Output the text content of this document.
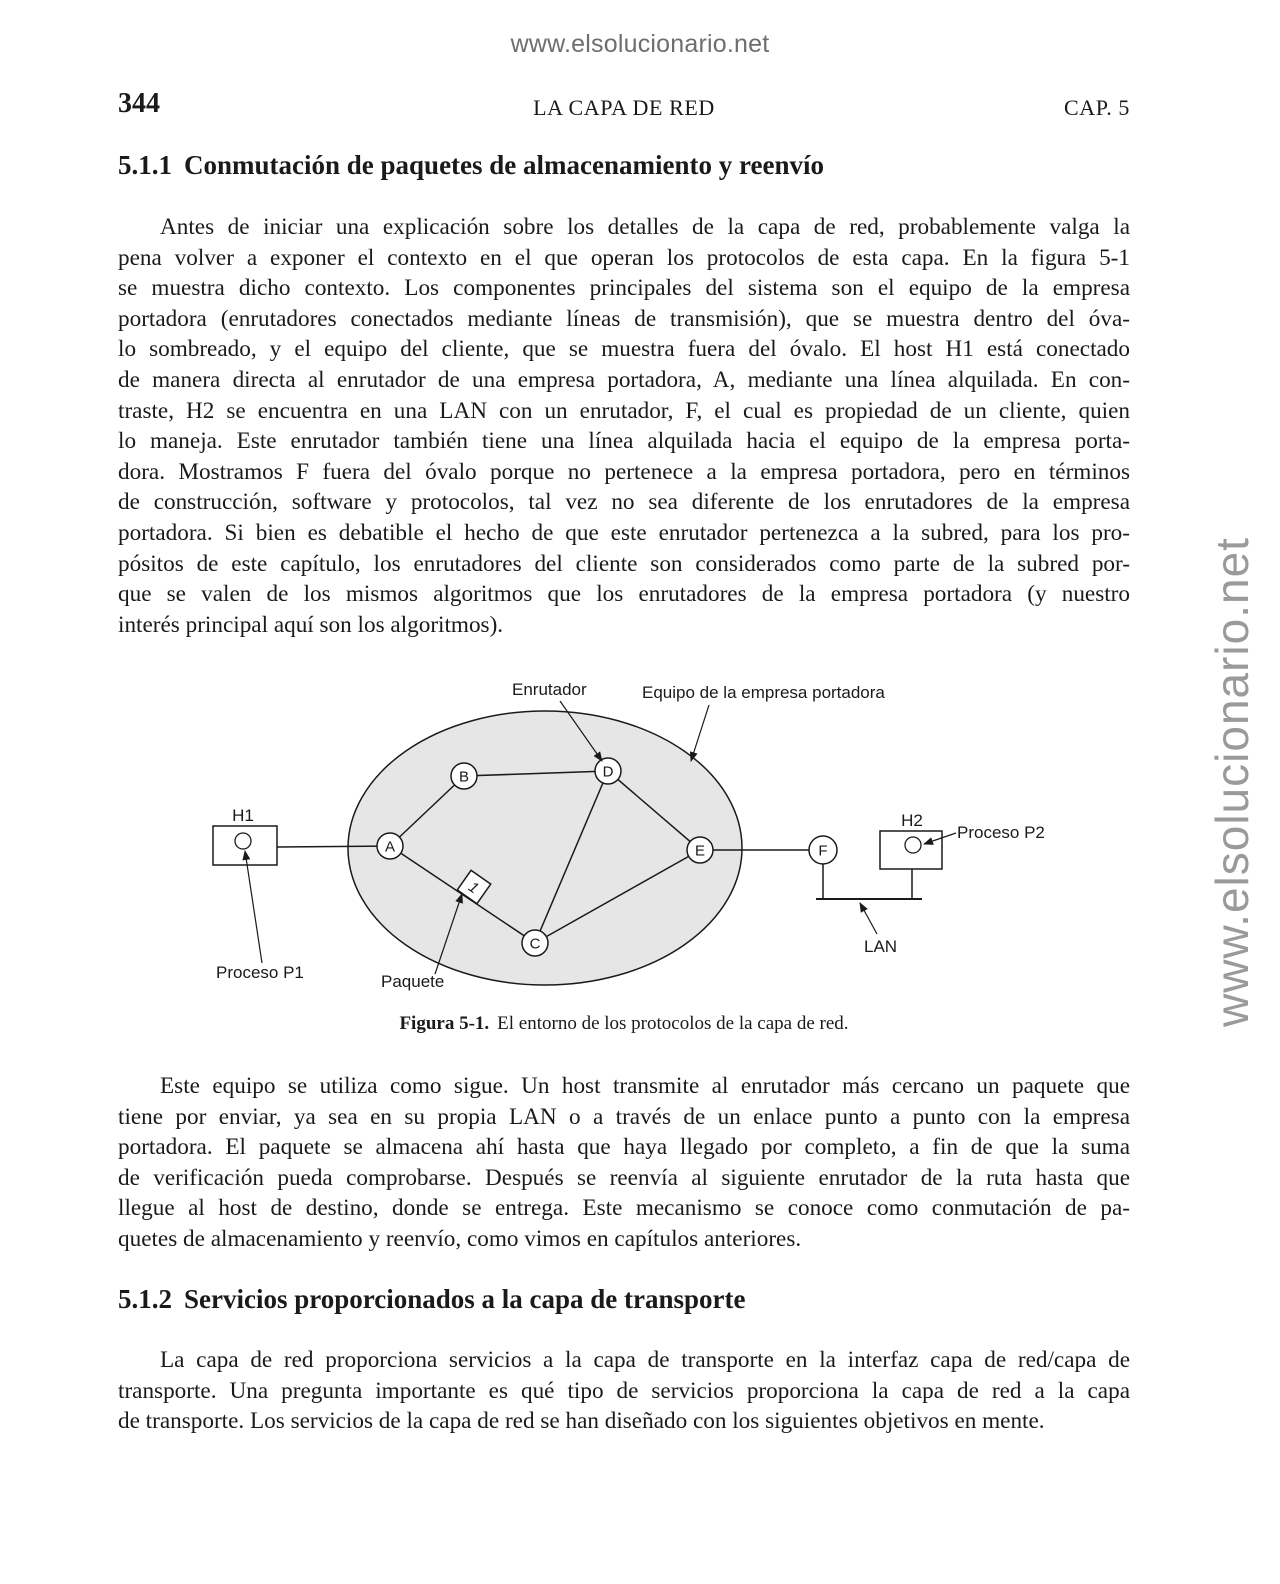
www.elsolucionario.net
www.elsolucionario.net
344	LA CAPA DE RED	CAP. 5
5.1.1 Conmutación de paquetes de almacenamiento y reenvío
Antes de iniciar una explicación sobre los detalles de la capa de red, probablemente valga la
pena volver a exponer el contexto en el que operan los protocolos de esta capa. En la figura 5-1
se muestra dicho contexto. Los componentes principales del sistema son el equipo de la empresa
portadora (enrutadores conectados mediante líneas de transmisión), que se muestra dentro del óva-
lo sombreado, y el equipo del cliente, que se muestra fuera del óvalo. El host H1 está conectado
de manera directa al enrutador de una empresa portadora, A, mediante una línea alquilada. En con-
traste, H2 se encuentra en una LAN con un enrutador, F, el cual es propiedad de un cliente, quien
lo maneja. Este enrutador también tiene una línea alquilada hacia el equipo de la empresa porta-
dora. Mostramos F fuera del óvalo porque no pertenece a la empresa portadora, pero en términos
de construcción, software y protocolos, tal vez no sea diferente de los enrutadores de la empresa
portadora. Si bien es debatible el hecho de que este enrutador pertenezca a la subred, para los pro-
pósitos de este capítulo, los enrutadores del cliente son considerados como parte de la subred por-
que se valen de los mismos algoritmos que los enrutadores de la empresa portadora (y nuestro
interés principal aquí son los algoritmos).
A
B
C
D
E	F
H1	H2
1
Enrutador	Equipo de la empresa portadora
Proceso P1	Paquete
LAN
Proceso P2
Figura 5-1. El entorno de los protocolos de la capa de red.
Este equipo se utiliza como sigue. Un host transmite al enrutador más cercano un paquete que
tiene por enviar, ya sea en su propia LAN o a través de un enlace punto a punto con la empresa
portadora. El paquete se almacena ahí hasta que haya llegado por completo, a fin de que la suma
de verificación pueda comprobarse. Después se reenvía al siguiente enrutador de la ruta hasta que
llegue al host de destino, donde se entrega. Este mecanismo se conoce como conmutación de pa-
quetes de almacenamiento y reenvío, como vimos en capítulos anteriores.
5.1.2 Servicios proporcionados a la capa de transporte
La capa de red proporciona servicios a la capa de transporte en la interfaz capa de red/capa de
transporte. Una pregunta importante es qué tipo de servicios proporciona la capa de red a la capa
de transporte. Los servicios de la capa de red se han diseñado con los siguientes objetivos en mente.
